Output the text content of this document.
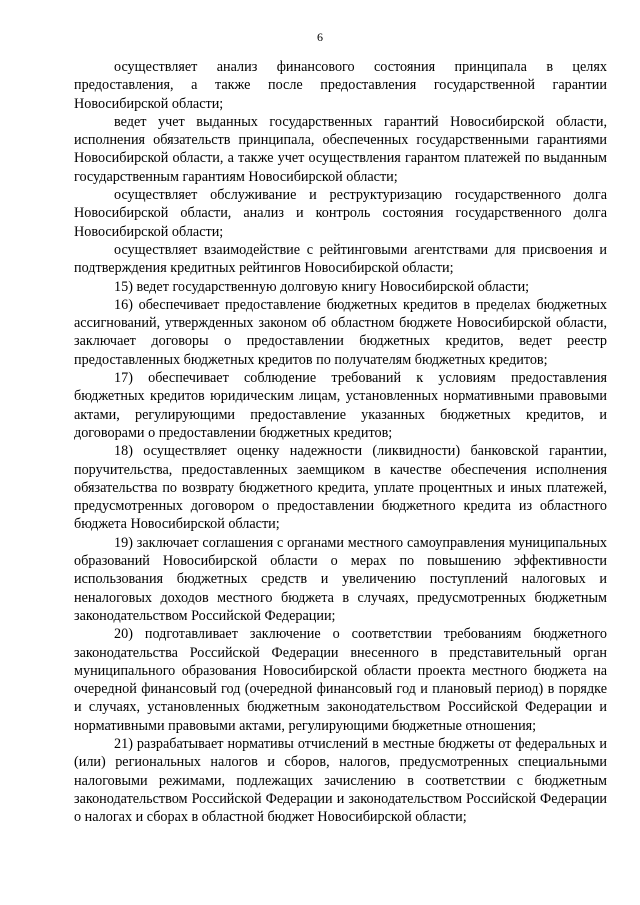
6

осуществляет анализ финансового состояния принципала в целях предоставления, а также после предоставления государственной гарантии Новосибирской области;

ведет учет выданных государственных гарантий Новосибирской области, исполнения обязательств принципала, обеспеченных государственными гарантиями Новосибирской области, а также учет осуществления гарантом платежей по выданным государственным гарантиям Новосибирской области;

осуществляет обслуживание и реструктуризацию государственного долга Новосибирской области, анализ и контроль состояния государственного долга Новосибирской области;

осуществляет взаимодействие с рейтинговыми агентствами для присвоения и подтверждения кредитных рейтингов Новосибирской области;

15) ведет государственную долговую книгу Новосибирской области;

16) обеспечивает предоставление бюджетных кредитов в пределах бюджетных ассигнований, утвержденных законом об областном бюджете Новосибирской области, заключает договоры о предоставлении бюджетных кредитов, ведет реестр предоставленных бюджетных кредитов по получателям бюджетных кредитов;

17) обеспечивает соблюдение требований к условиям предоставления бюджетных кредитов юридическим лицам, установленных нормативными правовыми актами, регулирующими предоставление указанных бюджетных кредитов, и договорами о предоставлении бюджетных кредитов;

18) осуществляет оценку надежности (ликвидности) банковской гарантии, поручительства, предоставленных заемщиком в качестве обеспечения исполнения обязательства по возврату бюджетного кредита, уплате процентных и иных платежей, предусмотренных договором о предоставлении бюджетного кредита из областного бюджета Новосибирской области;

19) заключает соглашения с органами местного самоуправления муниципальных образований Новосибирской области о мерах по повышению эффективности использования бюджетных средств и увеличению поступлений налоговых и неналоговых доходов местного бюджета в случаях, предусмотренных бюджетным законодательством Российской Федерации;

20) подготавливает заключение о соответствии требованиям бюджетного законодательства Российской Федерации внесенного в представительный орган муниципального образования Новосибирской области проекта местного бюджета на очередной финансовый год (очередной финансовый год и плановый период) в порядке и случаях, установленных бюджетным законодательством Российской Федерации и нормативными правовыми актами, регулирующими бюджетные отношения;

21) разрабатывает нормативы отчислений в местные бюджеты от федеральных и (или) региональных налогов и сборов, налогов, предусмотренных специальными налоговыми режимами, подлежащих зачислению в соответствии с бюджетным законодательством Российской Федерации и законодательством Российской Федерации о налогах и сборах в областной бюджет Новосибирской области;
